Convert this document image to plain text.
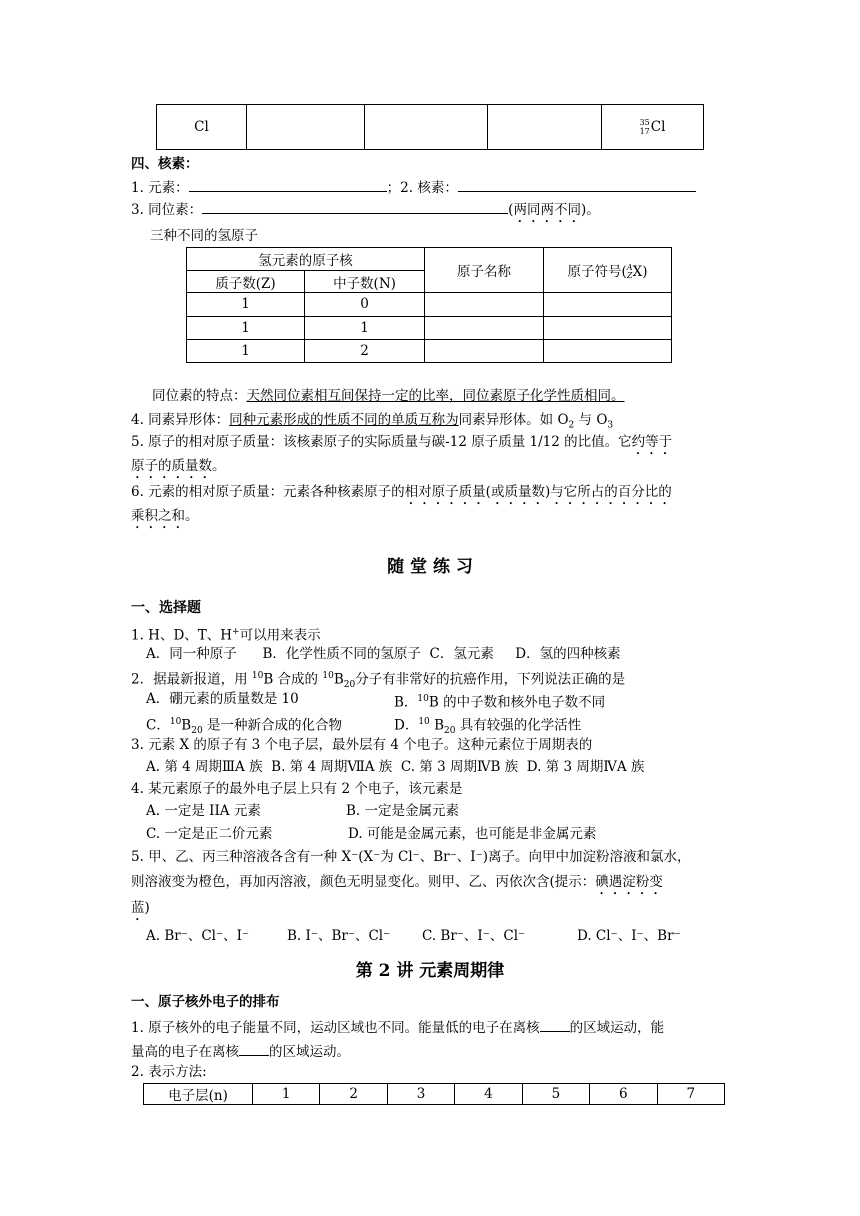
Cl				35
17Cl
四、核素：
1. 元素：	；2. 核素：
3. 同位素：	(两同两不同)。
三种不同的氢原子
氢元素的原子核		原子名称	原子符号(A
ZX)
质子数(Z)	中子数(N)		
1	0		
1	1		
1	2		
同位素的特点：天然同位素相互间保持一定的比率，同位素原子化学性质相同。
4. 同素异形体：同种元素形成的性质不同的单质互称为同素异形体。如 $O_2$ 与 $O_3$
5. 原子的相对原子质量：该核素原子的实际质量与碳-12 原子质量 1/12 的比值。它约等于
原子的质量数。
6. 元素的相对原子质量：元素各种核素原子的相对原子质量(或质量数)与它所占的百分比的
乘积之和。
随 堂 练 习
一、选择题
1. H、D、T、H+可以用来表示
A．同一种原子      B．化学性质不同的氢原子  C．氢元素     D．氢的四种核素
2．据最新报道，用 $^{10}$B 合成的 $^{10}B_{20}$分子有非常好的抗癌作用，下列说法正确的是
A．硼元素的质量数是 10	B．$^{10}$B 的中子数和核外电子数不同
C．$^{10}B_{20}$ 是一种新合成的化合物	D．$^{10}$ $B_{20}$ 具有较强的化学活性
3. 元素 X 的原子有 3 个电子层，最外层有 4 个电子。这种元素位于周期表的
A. 第 4 周期ⅢA 族  B. 第 4 周期ⅦA 族  C. 第 3 周期ⅣB 族  D. 第 3 周期ⅣA 族
4. 某元素原子的最外电子层上只有 2 个电子，该元素是
A. 一定是 IIA 元素	B. 一定是金属元素
C. 一定是正二价元素	D. 可能是金属元素，也可能是非金属元素
5. 甲、乙、丙三种溶液各含有一种 X⁻(X⁻为 Cl⁻、Br⁻、I⁻)离子。向甲中加淀粉溶液和氯水，
则溶液变为橙色，再加丙溶液，颜色无明显变化。则甲、乙、丙依次含(提示：碘遇淀粉变
蓝)
A. Br⁻、Cl⁻、I⁻	B. I⁻、Br⁻、Cl⁻ C. Br⁻、I⁻、Cl⁻	D. Cl⁻、I⁻、Br⁻
第 2 讲 元素周期律
一、原子核外电子的排布
1. 原子核外的电子能量不同，运动区域也不同。能量低的电子在离核 的区域运动，能
量高的电子在离核 的区域运动。
2. 表示方法:
电子层(n)	1	2	3	4	5	6	7
